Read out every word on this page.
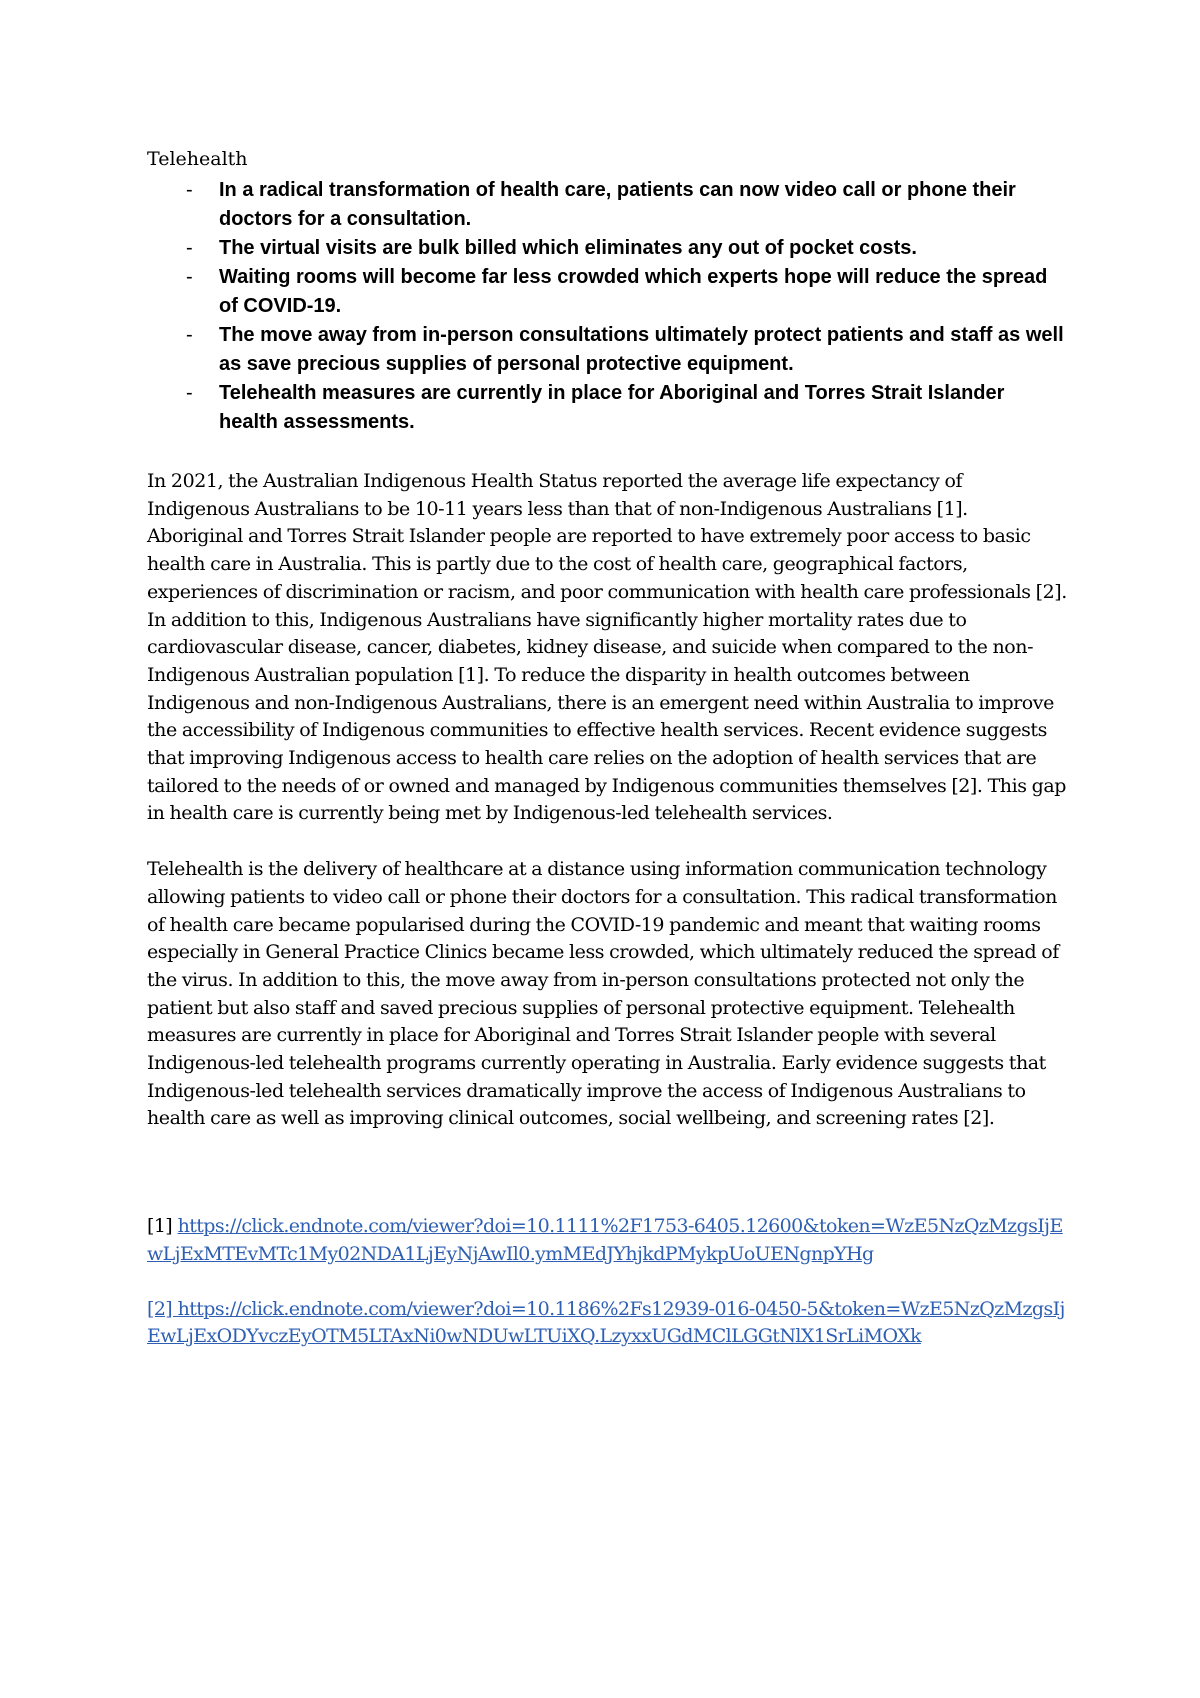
Telehealth
- In a radical transformation of health care, patients can now video call or phone their doctors for a consultation.
- The virtual visits are bulk billed which eliminates any out of pocket costs.
- Waiting rooms will become far less crowded which experts hope will reduce the spread of COVID-19.
- The move away from in-person consultations ultimately protect patients and staff as well as save precious supplies of personal protective equipment.
- Telehealth measures are currently in place for Aboriginal and Torres Strait Islander health assessments.

In 2021, the Australian Indigenous Health Status reported the average life expectancy of Indigenous Australians to be 10-11 years less than that of non-Indigenous Australians [1]. Aboriginal and Torres Strait Islander people are reported to have extremely poor access to basic health care in Australia. This is partly due to the cost of health care, geographical factors, experiences of discrimination or racism, and poor communication with health care professionals [2]. In addition to this, Indigenous Australians have significantly higher mortality rates due to cardiovascular disease, cancer, diabetes, kidney disease, and suicide when compared to the non-Indigenous Australian population [1]. To reduce the disparity in health outcomes between Indigenous and non-Indigenous Australians, there is an emergent need within Australia to improve the accessibility of Indigenous communities to effective health services. Recent evidence suggests that improving Indigenous access to health care relies on the adoption of health services that are tailored to the needs of or owned and managed by Indigenous communities themselves [2]. This gap in health care is currently being met by Indigenous-led telehealth services.

Telehealth is the delivery of healthcare at a distance using information communication technology allowing patients to video call or phone their doctors for a consultation. This radical transformation of health care became popularised during the COVID-19 pandemic and meant that waiting rooms especially in General Practice Clinics became less crowded, which ultimately reduced the spread of the virus. In addition to this, the move away from in-person consultations protected not only the patient but also staff and saved precious supplies of personal protective equipment. Telehealth measures are currently in place for Aboriginal and Torres Strait Islander people with several Indigenous-led telehealth programs currently operating in Australia. Early evidence suggests that Indigenous-led telehealth services dramatically improve the access of Indigenous Australians to health care as well as improving clinical outcomes, social wellbeing, and screening rates [2].

[1] https://click.endnote.com/viewer?doi=10.1111%2F1753-6405.12600&token=WzE5NzQzMzgsIjEwLjExMTEvMTc1My02NDA1LjEyNjAwIl0.ymMEdJYhjkdPMykpUoUENgnpYHg

[2] https://click.endnote.com/viewer?doi=10.1186%2Fs12939-016-0450-5&token=WzE5NzQzMzgsIjEwLjExODYvczEyOTM5LTAxNi0wNDUwLTUiXQ.LzyxxUGdMClLGGtNlX1SrLiMOXk
